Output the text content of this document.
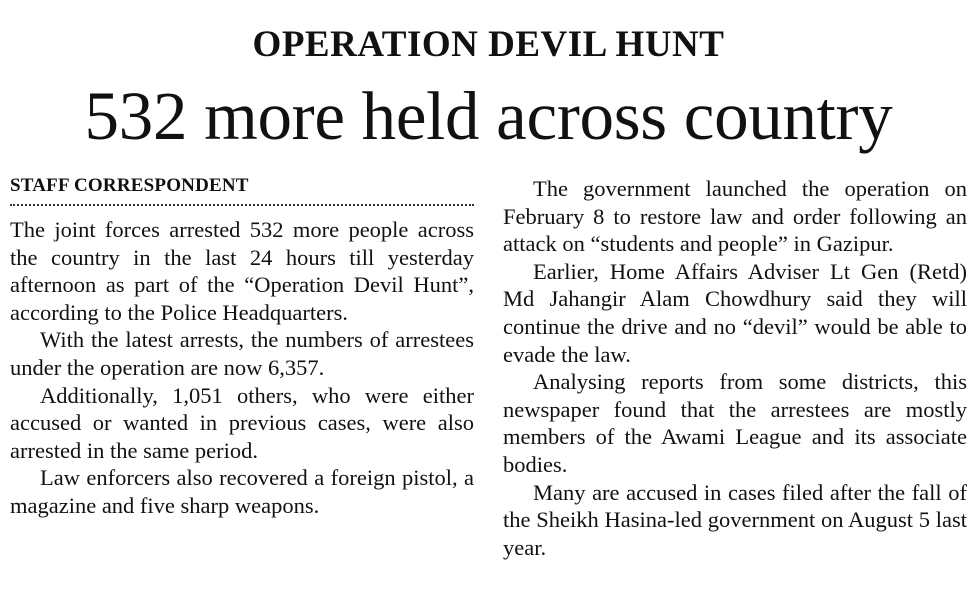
OPERATION DEVIL HUNT
532 more held across country
STAFF CORRESPONDENT

The joint forces arrested 532 more people across the country in the last 24 hours till yesterday afternoon as part of the “Operation Devil Hunt”, according to the Police Headquarters.

With the latest arrests, the numbers of arrestees under the operation are now 6,357.

Additionally, 1,051 others, who were either accused or wanted in previous cases, were also arrested in the same period.

Law enforcers also recovered a foreign pistol, a magazine and five sharp weapons.

The government launched the operation on February 8 to restore law and order following an attack on “students and people” in Gazipur.

Earlier, Home Affairs Adviser Lt Gen (Retd) Md Jahangir Alam Chowdhury said they will continue the drive and no “devil” would be able to evade the law.

Analysing reports from some districts, this newspaper found that the arrestees are mostly members of the Awami League and its associate bodies.

Many are accused in cases filed after the fall of the Sheikh Hasina-led government on August 5 last year.
